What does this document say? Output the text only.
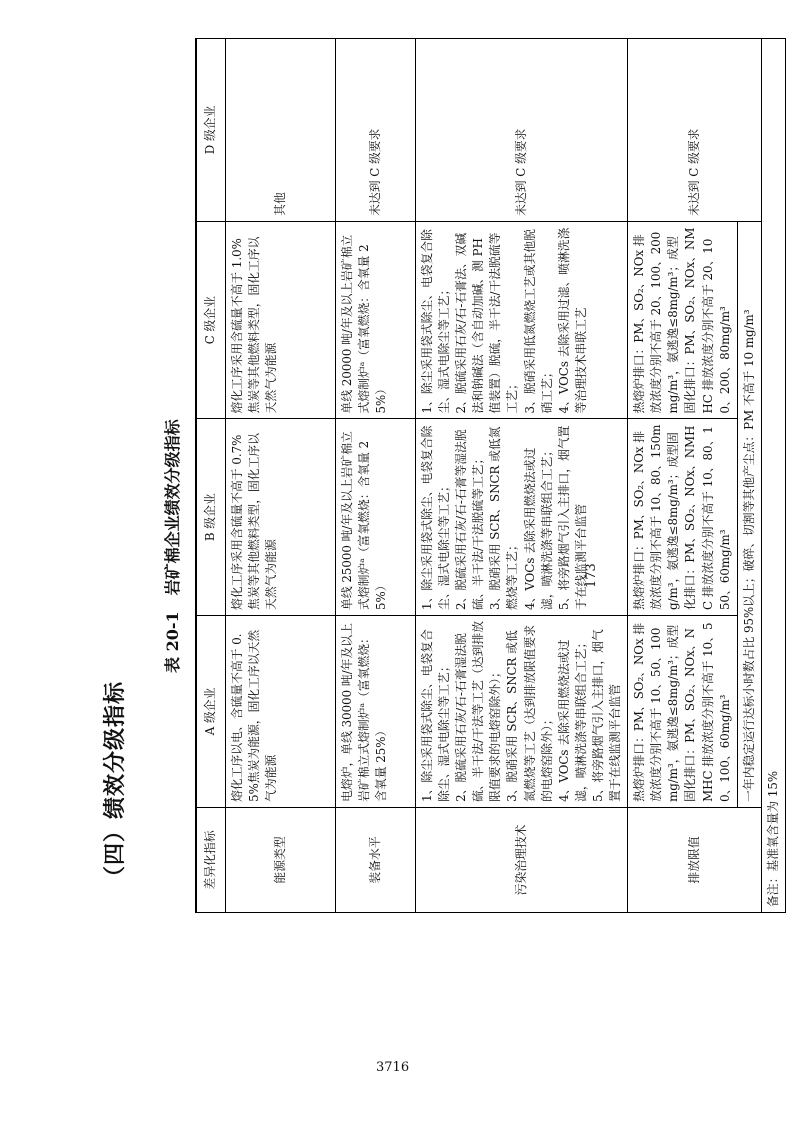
（四）绩效分级指标
表 20-1　岩矿棉企业绩效分级指标
差异化指标	A 级企业	B 级企业	C 级企业	D 级企业
能源类型	熔化工序以电、含硫量不高于 0.5%焦炭为能源，固化工序以天然气为能源	熔化工序采用含硫量不高于 0.7%焦炭等其他燃料类型，固化工序以天然气为能源	熔化工序采用含硫量不高于 1.0%焦炭等其他燃料类型，固化工序以天然气为能源	其他
装备水平	电熔炉，单线 30000 吨/年及以上岩矿棉立式熔制炉ᵃ（富氧燃烧：含氧量 25%）	单线 25000 吨/年及以上岩矿棉立式熔制炉ᵃ（富氧燃烧：含氧量 25%）	单线 20000 吨/年及以上岩矿棉立式熔制炉ᵃ（富氧燃烧：含氧量 25%）	未达到 C 级要求
污染治理技术	1、除尘采用袋式除尘、电袋复合除尘、湿式电除尘等工艺；
2、脱硫采用石灰/石-石膏湿法脱硫、半干法/干法等工艺（达到排放限值要求的电熔窑除外）；
3、脱硝采用 SCR、SNCR 或低氮燃烧等工艺（达到排放限值要求的电熔窑除外）；
4、VOCs 去除采用燃烧法或过滤，喷淋洗涤等串联组合工艺；
5、将旁路烟气引入主排口，烟气置于在线监测平台监管	1、除尘采用袋式除尘、电袋复合除尘、湿式电除尘等工艺；
2、脱硫采用石灰/石-石膏等湿法脱硫、半干法/干法脱硫等工艺；
3、脱硝采用 SCR、SNCR 或低氮燃烧等工艺；
4、VOCs 去除采用燃烧法或过滤，喷淋洗涤等串联组合工艺；
5、将旁路烟气引入主排口，烟气置于在线监测平台监管	1、除尘采用袋式除尘、电袋复合除尘、湿式电除尘等工艺；
2、脱硫采用石灰/石-石膏法、双碱法和钠碱法（含自动加碱、测 PH 值装置）脱硫，半干法/干法脱硫等工艺；
3、脱硝采用低氮燃烧工艺或其他脱硝工艺；
4、VOCs 去除采用过滤、喷淋洗涤等治理技术串联工艺	未达到 C 级要求
排放限值	热熔炉排口：PM、SO₂、NOx 排放浓度分别不高于 10、50、100mg/m³，氨逃逸≤8mg/m³；成型固化排口：PM、SO₂、NOx、NMHC 排放浓度分别不高于 10、50、100、60mg/m³	热熔炉排口：PM、SO₂、NOx 排放浓度分别不高于 10、80、150mg/m³，氨逃逸≤8mg/m³；成型固化排口：PM、SO₂、NOx、NMHC 排放浓度分别不高于 10、80、150、60mg/m³	热熔炉排口：PM、SO₂、NOx 排放浓度分别不高于 20、100、200mg/m³，氨逃逸≤8mg/m³；成型固化排口：PM、SO₂、NOx、NMHC 排放浓度分别不高于 20、100、200、80mg/m³	未达到 C 级要求
	一年内稳定运行达标小时数占比 95%以上；破碎、切割等其他产尘点：PM 不高于 10 mg/m³			
备注：基准氧含量为 15%				
173
3716
